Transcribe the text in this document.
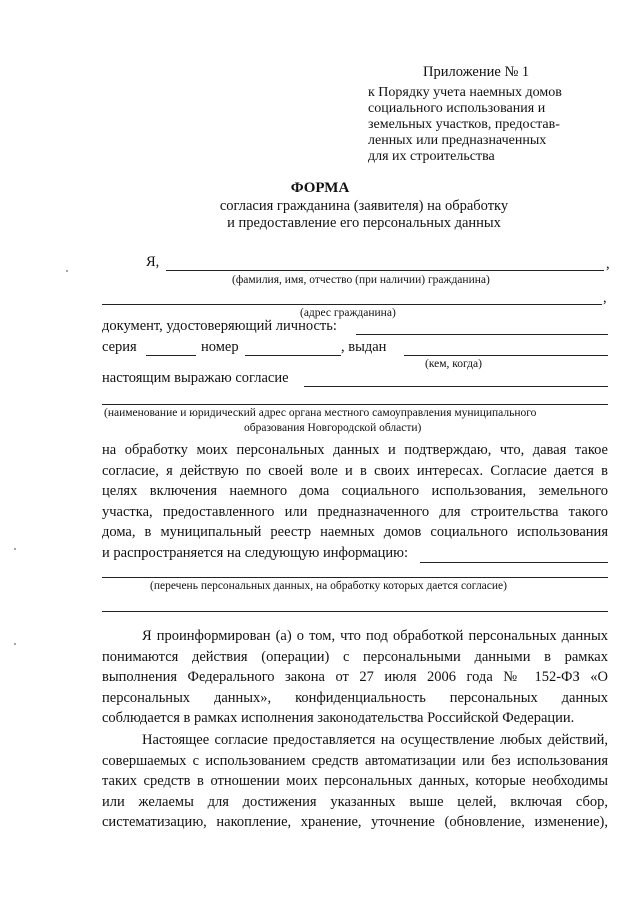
Приложение № 1
к Порядку учета наемных домов
социального использования и
земельных участков, предостав-
ленных или предназначенных
для их строительства
ФОРМА
согласия гражданина (заявителя) на обработку
и предоставление его персональных данных
Я,	,
(фамилия, имя, отчество (при наличии) гражданина)
,
(адрес гражданина)
документ, удостоверяющий личность:
серия	номер	, выдан
(кем, когда)
настоящим выражаю согласие
(наименование и юридический адрес органа местного самоуправления муниципального
образования Новгородской области)
на обработку моих персональных данных и подтверждаю, что, давая такое
согласие, я действую по своей воле и в своих интересах. Согласие дается в
целях включения наемного дома социального использования, земельного
участка, предоставленного или предназначенного для строительства такого
дома, в муниципальный реестр наемных домов социального использования
и распространяется на следующую информацию:
(перечень персональных данных, на обработку которых дается согласие)
Я проинформирован (а) о том, что под обработкой персональных данных
понимаются действия (операции) с персональными данными в рамках
выполнения Федерального закона от 27 июля 2006 года № 152-ФЗ «О
персональных данных», конфиденциальность персональных данных
соблюдается в рамках исполнения законодательства Российской Федерации.
Настоящее согласие предоставляется на осуществление любых действий,
совершаемых с использованием средств автоматизации или без использования
таких средств в отношении моих персональных данных, которые необходимы
или желаемы для достижения указанных выше целей, включая сбор,
систематизацию, накопление, хранение, уточнение (обновление, изменение),
